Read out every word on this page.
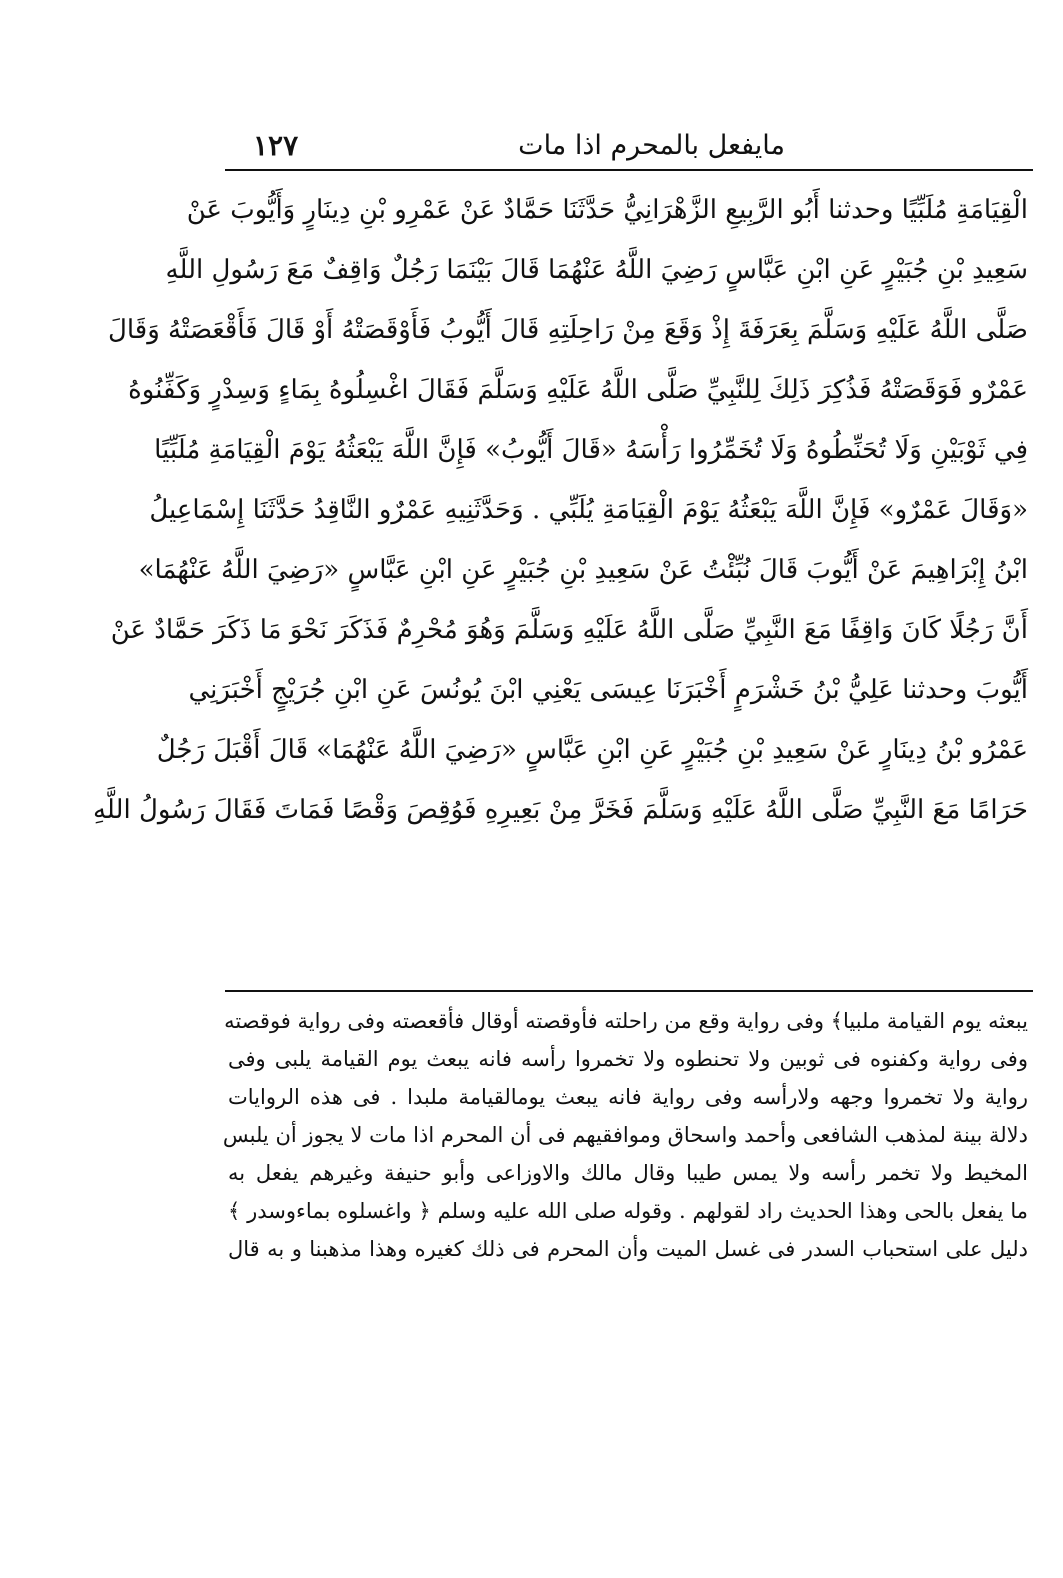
مايفعل بالمحرم اذا مات
١٢٧
الْقِيَامَةِ مُلَبِّيًا وحدثنا أَبُو الرَّبِيعِ الزَّهْرَانِيُّ حَدَّثَنَا حَمَّادٌ عَنْ عَمْرِو بْنِ دِينَارٍ وَأَيُّوبَ عَنْ
سَعِيدِ بْنِ جُبَيْرٍ عَنِ ابْنِ عَبَّاسٍ رَضِيَ اللَّهُ عَنْهُمَا قَالَ بَيْنَمَا رَجُلٌ وَاقِفٌ مَعَ رَسُولِ اللَّهِ
صَلَّى اللَّهُ عَلَيْهِ وَسَلَّمَ بِعَرَفَةَ إِذْ وَقَعَ مِنْ رَاحِلَتِهِ قَالَ أَيُّوبُ فَأَوْقَصَتْهُ أَوْ قَالَ فَأَقْعَصَتْهُ وَقَالَ
عَمْرٌو فَوَقَصَتْهُ فَذُكِرَ ذَلِكَ لِلنَّبِيِّ صَلَّى اللَّهُ عَلَيْهِ وَسَلَّمَ فَقَالَ اغْسِلُوهُ بِمَاءٍ وَسِدْرٍ وَكَفِّنُوهُ
فِي ثَوْبَيْنِ وَلَا تُحَنِّطُوهُ وَلَا تُخَمِّرُوا رَأْسَهُ «قَالَ أَيُّوبُ» فَإِنَّ اللَّهَ يَبْعَثُهُ يَوْمَ الْقِيَامَةِ مُلَبِّيًا
«وَقَالَ عَمْرٌو» فَإِنَّ اللَّهَ يَبْعَثُهُ يَوْمَ الْقِيَامَةِ يُلَبِّي . وَحَدَّثَنِيهِ عَمْرٌو النَّاقِدُ حَدَّثَنَا إِسْمَاعِيلُ
ابْنُ إِبْرَاهِيمَ عَنْ أَيُّوبَ قَالَ نُبِّئْتُ عَنْ سَعِيدِ بْنِ جُبَيْرٍ عَنِ ابْنِ عَبَّاسٍ «رَضِيَ اللَّهُ عَنْهُمَا»
أَنَّ رَجُلًا كَانَ وَاقِفًا مَعَ النَّبِيِّ صَلَّى اللَّهُ عَلَيْهِ وَسَلَّمَ وَهُوَ مُحْرِمٌ فَذَكَرَ نَحْوَ مَا ذَكَرَ حَمَّادٌ عَنْ
أَيُّوبَ وحدثنا عَلِيُّ بْنُ خَشْرَمٍ أَخْبَرَنَا عِيسَى يَعْنِي ابْنَ يُونُسَ عَنِ ابْنِ جُرَيْجٍ أَخْبَرَنِي
عَمْرُو بْنُ دِينَارٍ عَنْ سَعِيدِ بْنِ جُبَيْرٍ عَنِ ابْنِ عَبَّاسٍ «رَضِيَ اللَّهُ عَنْهُمَا» قَالَ أَقْبَلَ رَجُلٌ
حَرَامًا مَعَ النَّبِيِّ صَلَّى اللَّهُ عَلَيْهِ وَسَلَّمَ فَخَرَّ مِنْ بَعِيرِهِ فَوُقِصَ وَقْصًا فَمَاتَ فَقَالَ رَسُولُ اللَّهِ
يبعثه يوم القيامة ملبيا﴾ وفى رواية وقع من راحلته فأوقصته أوقال فأقعصته وفى رواية فوقصته
وفى رواية وكفنوه فى ثوبين ولا تحنطوه ولا تخمروا رأسه فانه يبعث يوم القيامة يلبى وفى
رواية ولا تخمروا وجهه ولارأسه وفى رواية فانه يبعث يومالقيامة ملبدا . فى هذه الروايات
دلالة بينة لمذهب الشافعى وأحمد واسحاق وموافقيهم فى أن المحرم اذا مات لا يجوز أن يلبس
المخيط ولا تخمر رأسه ولا يمس طيبا وقال مالك والاوزاعى وأبو حنيفة وغيرهم يفعل به
ما يفعل بالحى وهذا الحديث راد لقولهم . وقوله صلى الله عليه وسلم ﴿ واغسلوه بماءوسدر ﴾
دليل على استحباب السدر فى غسل الميت وأن المحرم فى ذلك كغيره وهذا مذهبنا و به قال
